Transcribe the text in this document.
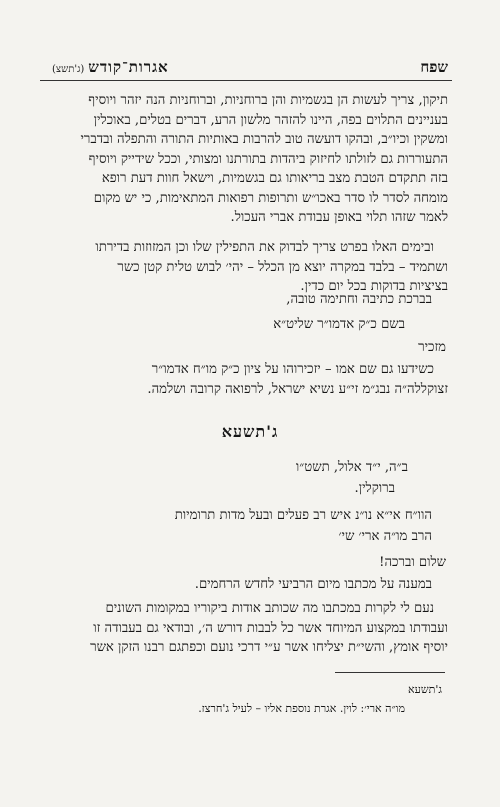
שפח
אגרות־קודש(ג'תשצ)
תיקון, צריך לעשות הן בגשמיות והן ברוחניות, וברוחניות הנה יזהר ויוסיף
בעניינים התלוים בפה, היינו להזהר מלשון הרע, דברים בטלים, באוכלין
ומשקין וכיו״ב, ובהקו דועשה טוב להרבות באותיות התורה והתפלה ובדברי
התעוררות גם לזולתו לחיזוק ביהדות בתורתנו ומצותי, וככל שידייק ויוסיף
בזה תתקדם הטבת מצב בריאותו גם בגשמיות, וישאל חוות דעת רופא
מומחה לסדר לו סדר באכו״ש ותרופות רפואות המתאימות, כי יש מקום
לאמר שזהו תלוי באופן עבודת אברי העכול.
ובימים האלו בפרט צריך לבדוק את התפילין שלו וכן המזוזות בדירתו
ושתמיד – בלבד במקרה יוצא מן הכלל – יהי׳ לבוש טלית קטן כשר
בציציות בדוקות בכל יום כדין.
בברכת כתיבה וחתימה טובה,
בשם כ״ק אדמו״ר שליט״א
מזכיר
כשידעו גם שם אמו – יזכירוהו על ציון כ״ק מו״ח אדמו״ר
זצוקללה״ה נבג״מ זי״ע נשיא ישראל, לרפואה קרובה ושלמה.
ג'תשעא
ב״ה, י״ד אלול, תשט״ו
ברוקלין.
הוו״ח אי״א נו״נ איש רב פעלים ובעל מדות תרומיות
הרב מו״ה ארי׳ שי׳
שלום וברכה!
במענה על מכתבו מיום הרביעי לחדש הרחמים.
נעם לי לקרות במכתבו מה שכותב אודות ביקוריו במקומות השונים
ועבודתו במקצוע המיוחד אשר כל לבבות דורש ה׳, ובודאי גם בעבודה זו
יוסיף אומץ, והשי״ת יצליחו אשר ע״י דרכי נועם וכפתגם רבנו הזקן אשר
ג'תשעא
מו״ה ארי׳: לוין. אגרת נוספת אליו – לעיל ג'חרצז.
